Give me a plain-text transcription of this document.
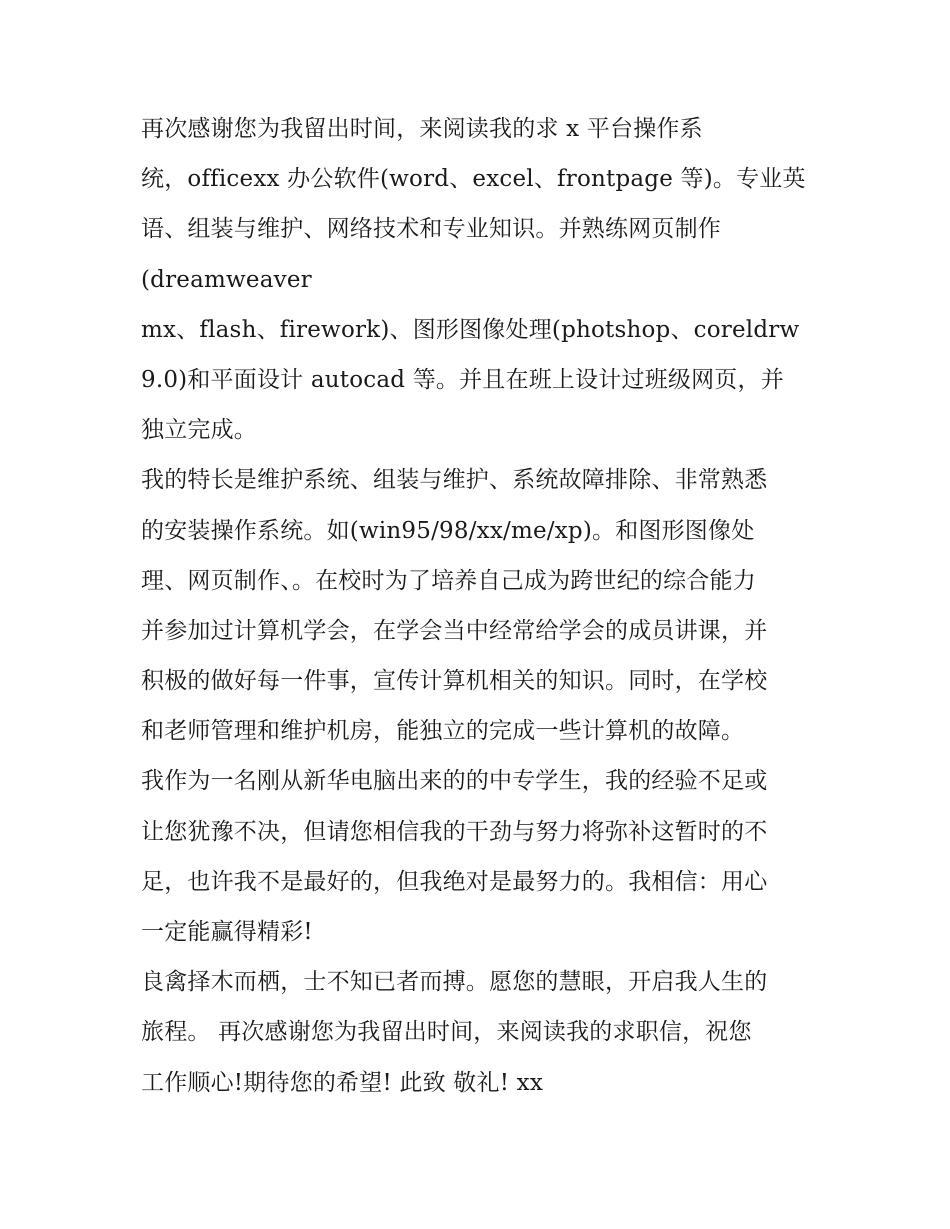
再次感谢您为我留出时间，来阅读我的求 x 平台操作系
统，officexx 办公软件(word、excel、frontpage 等)。专业英
语、组装与维护、网络技术和专业知识。并熟练网页制作
(dreamweaver
mx、flash、firework)、图形图像处理(photshop、coreldrw
9.0)和平面设计 autocad 等。并且在班上设计过班级网页，并
独立完成。
我的特长是维护系统、组装与维护、系统故障排除、非常熟悉
的安装操作系统。如(win95/98/xx/me/xp)。和图形图像处
理、网页制作、。在校时为了培养自己成为跨世纪的综合能力
并参加过计算机学会，在学会当中经常给学会的成员讲课，并
积极的做好每一件事，宣传计算机相关的知识。同时，在学校
和老师管理和维护机房，能独立的完成一些计算机的故障。
我作为一名刚从新华电脑出来的的中专学生，我的经验不足或
让您犹豫不决，但请您相信我的干劲与努力将弥补这暂时的不
足，也许我不是最好的，但我绝对是最努力的。我相信：用心
一定能赢得精彩!
良禽择木而栖，士不知已者而搏。愿您的慧眼，开启我人生的
旅程。 再次感谢您为我留出时间，来阅读我的求职信，祝您
工作顺心!期待您的希望! 此致 敬礼! xx
